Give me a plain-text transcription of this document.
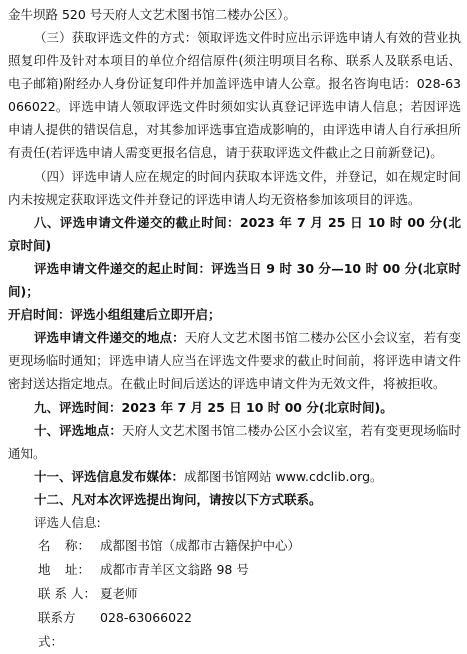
金牛坝路 520 号天府人文艺术图书馆二楼办公区）。

（三）获取评选文件的方式：领取评选文件时应出示评选申请人有效的营业执照复印件及针对本项目的单位介绍信原件(须注明项目名称、联系人及联系电话、电子邮箱)附经办人身份证复印件并加盖评选申请人公章。报名咨询电话：028-63066022。评选申请人领取评选文件时须如实认真登记评选申请人信息；若因评选申请人提供的错误信息，对其参加评选事宜造成影响的，由评选申请人自行承担所有责任(若评选申请人需变更报名信息，请于获取评选文件截止之日前新登记)。

（四）评选申请人应在规定的时间内获取本评选文件，并登记，如在规定时间内未按规定获取评选文件并登记的评选申请人均无资格参加该项目的评选。

八、评选申请文件递交的截止时间：2023 年 7 月 25 日 10 时 00 分(北京时间)

评选申请文件递交的起止时间：评选当日 9 时 30 分—10 时 00 分(北京时间)；

开启时间：评选小组组建后立即开启；

评选申请文件递交的地点：天府人文艺术图书馆二楼办公区小会议室，若有变更现场临时通知；评选申请人应当在评选文件要求的截止时间前，将评选申请文件密封送达指定地点。在截止时间后送达的评选申请文件为无效文件，将被拒收。

九、评选时间：2023 年 7 月 25 日 10 时 00 分(北京时间)。

十、评选地点：天府人文艺术图书馆二楼办公区小会议室，若有变更现场临时通知。

十一、评选信息发布媒体：成都图书馆网站 www.cdclib.org。

十二、凡对本次评选提出询问，请按以下方式联系。

评选人信息:

名 称： 成都图书馆（成都市古籍保护中心）
地 址： 成都市青羊区文翁路 98 号
联 系 人： 夏老师
联系方式：
028-63066022
